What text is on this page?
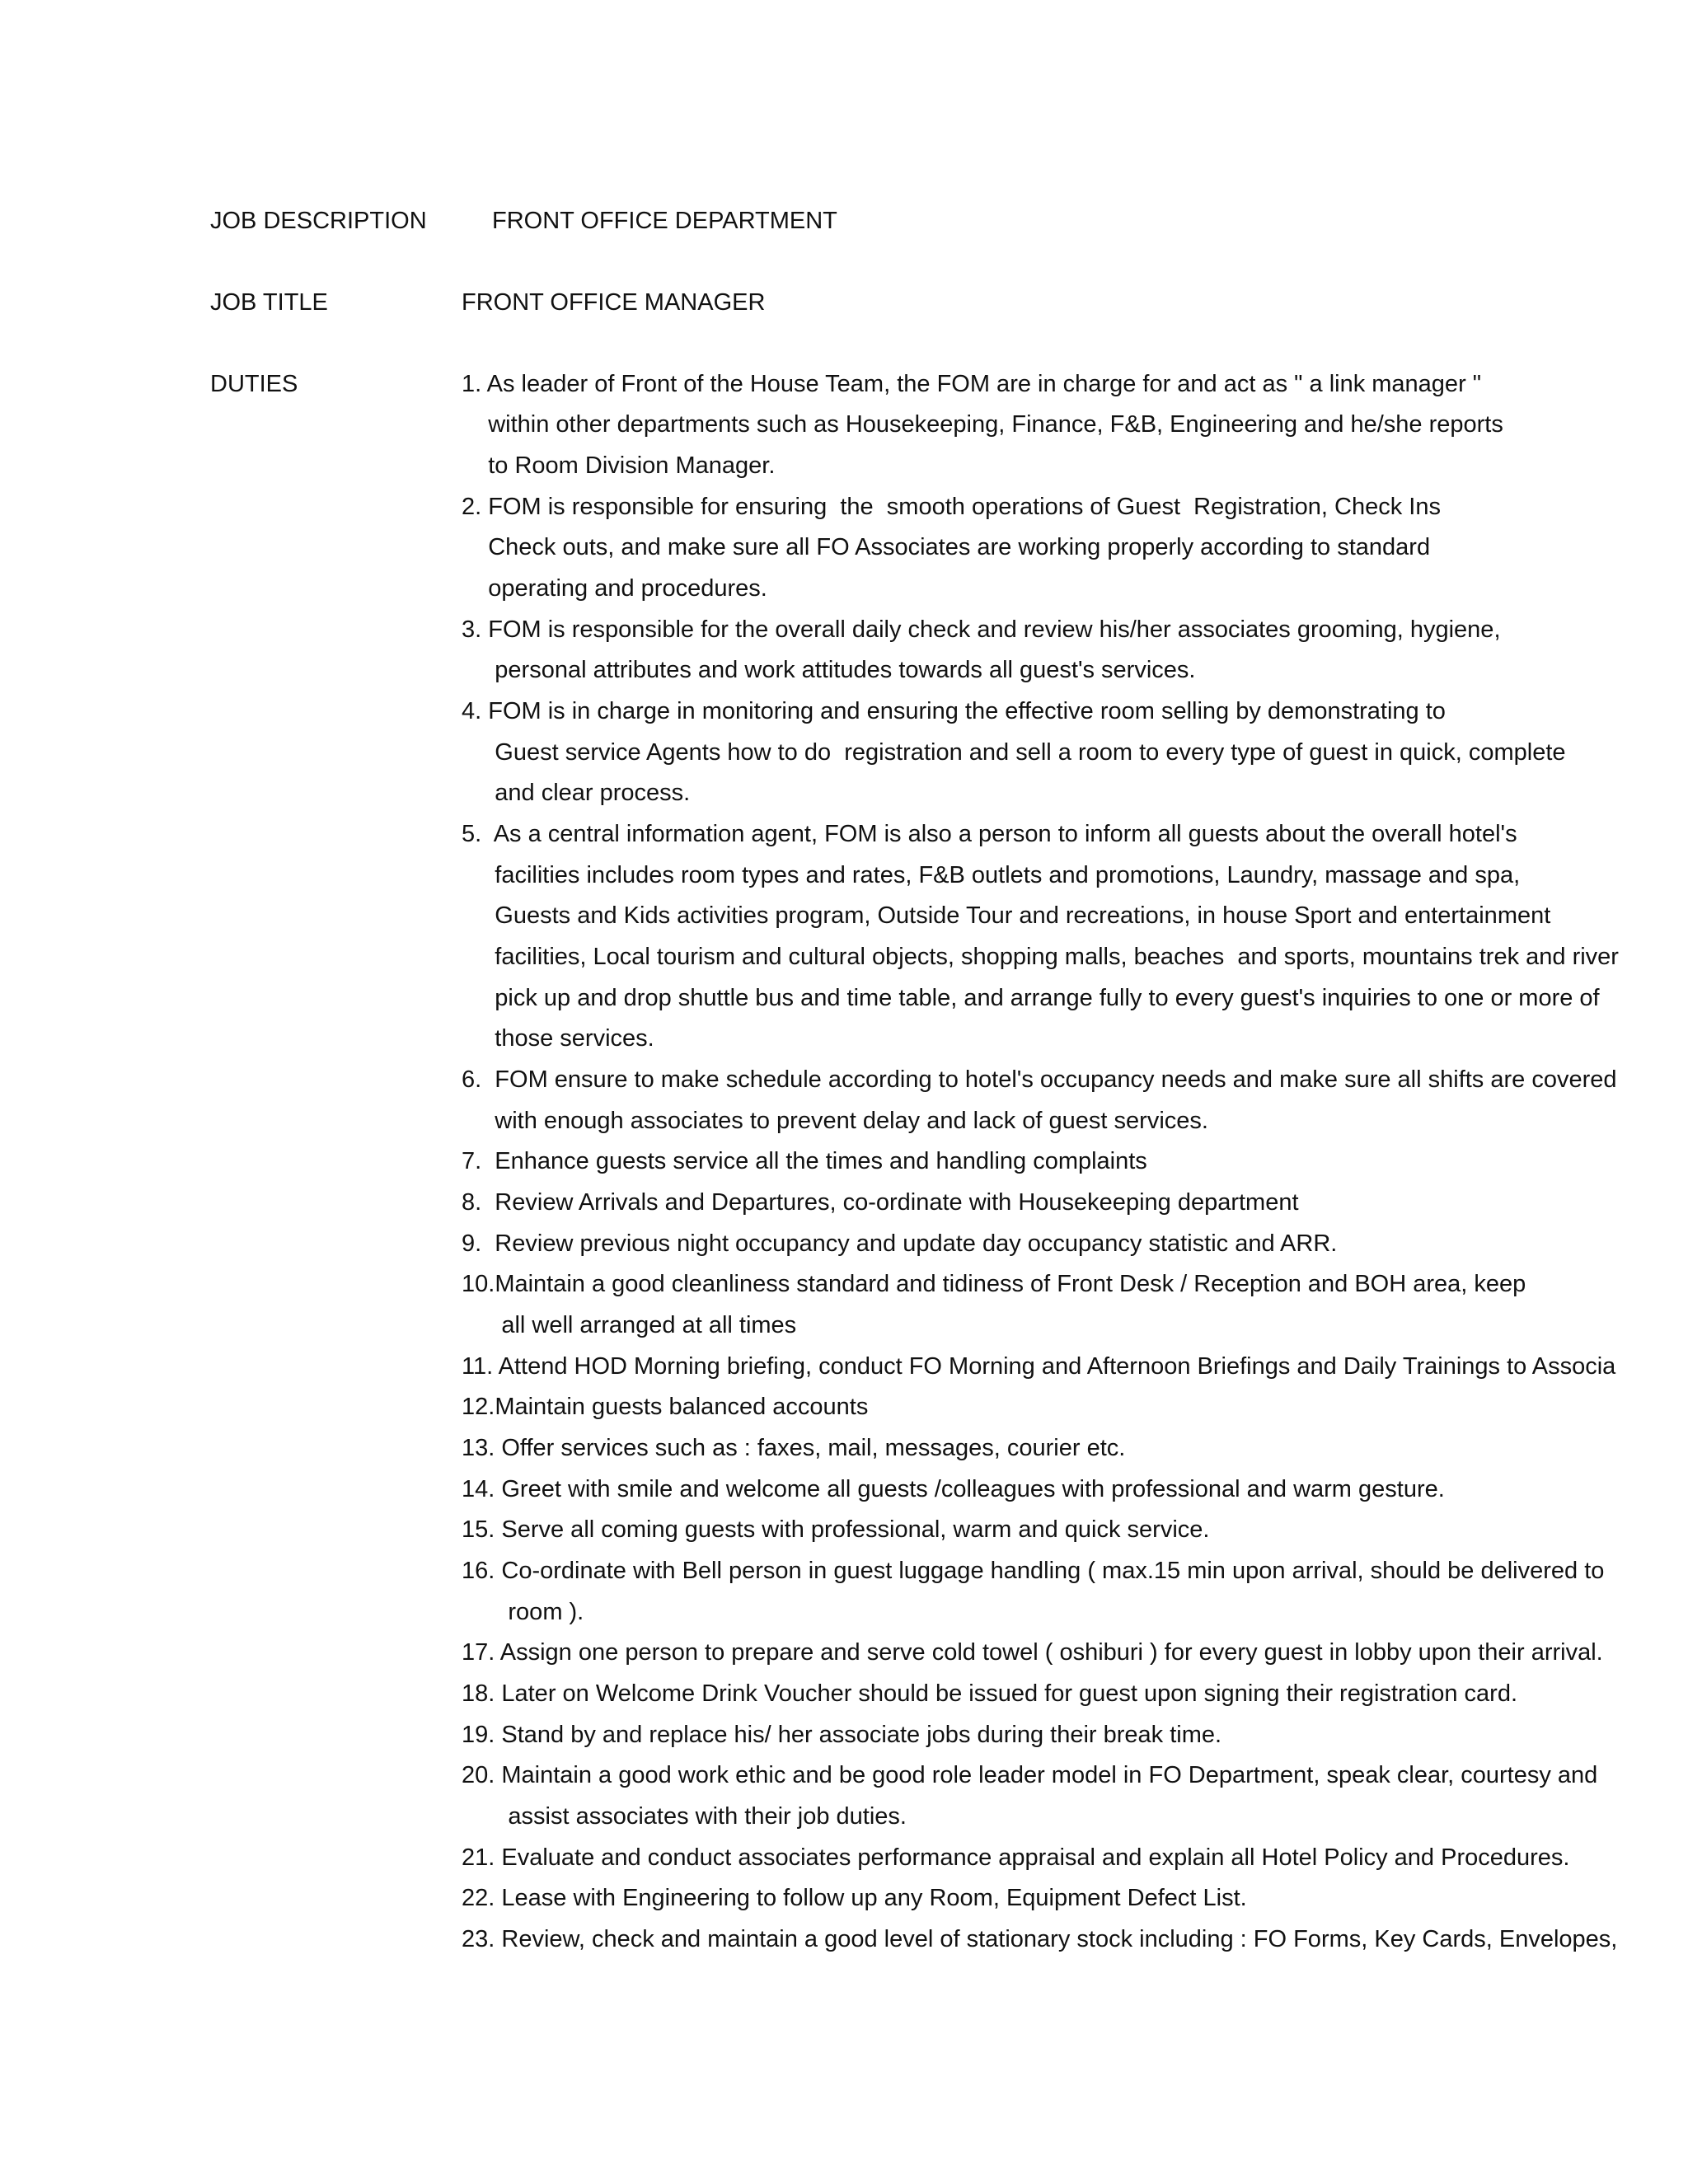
JOB DESCRIPTION	FRONT OFFICE DEPARTMENT
JOB TITLE	FRONT OFFICE MANAGER
DUTIES	1. As leader of Front of the House Team, the FOM are in charge for and act as " a link manager "
within other departments such as Housekeeping, Finance, F&B, Engineering and he/she reports
to Room Division Manager.
2. FOM is responsible for ensuring  the  smooth operations of Guest  Registration, Check Ins
Check outs, and make sure all FO Associates are working properly according to standard
operating and procedures.
3. FOM is responsible for the overall daily check and review his/her associates grooming, hygiene,
personal attributes and work attitudes towards all guest's services.
4. FOM is in charge in monitoring and ensuring the effective room selling by demonstrating to
Guest service Agents how to do  registration and sell a room to every type of guest in quick, complete
and clear process.
5.  As a central information agent, FOM is also a person to inform all guests about the overall hotel's
facilities includes room types and rates, F&B outlets and promotions, Laundry, massage and spa,
Guests and Kids activities program, Outside Tour and recreations, in house Sport and entertainment
facilities, Local tourism and cultural objects, shopping malls, beaches  and sports, mountains trek and river
pick up and drop shuttle bus and time table, and arrange fully to every guest's inquiries to one or more of
those services.
6.  FOM ensure to make schedule according to hotel's occupancy needs and make sure all shifts are covered
with enough associates to prevent delay and lack of guest services.
7.  Enhance guests service all the times and handling complaints
8.  Review Arrivals and Departures, co-ordinate with Housekeeping department
9.  Review previous night occupancy and update day occupancy statistic and ARR.
10.Maintain a good cleanliness standard and tidiness of Front Desk / Reception and BOH area, keep
all well arranged at all times
11. Attend HOD Morning briefing, conduct FO Morning and Afternoon Briefings and Daily Trainings to Associa
12.Maintain guests balanced accounts
13. Offer services such as : faxes, mail, messages, courier etc.
14. Greet with smile and welcome all guests /colleagues with professional and warm gesture.
15. Serve all coming guests with professional, warm and quick service.
16. Co-ordinate with Bell person in guest luggage handling ( max.15 min upon arrival, should be delivered to
room ).
17. Assign one person to prepare and serve cold towel ( oshiburi ) for every guest in lobby upon their arrival.
18. Later on Welcome Drink Voucher should be issued for guest upon signing their registration card.
19. Stand by and replace his/ her associate jobs during their break time.
20. Maintain a good work ethic and be good role leader model in FO Department, speak clear, courtesy and
assist associates with their job duties.
21. Evaluate and conduct associates performance appraisal and explain all Hotel Policy and Procedures.
22. Lease with Engineering to follow up any Room, Equipment Defect List.
23. Review, check and maintain a good level of stationary stock including : FO Forms, Key Cards, Envelopes,
